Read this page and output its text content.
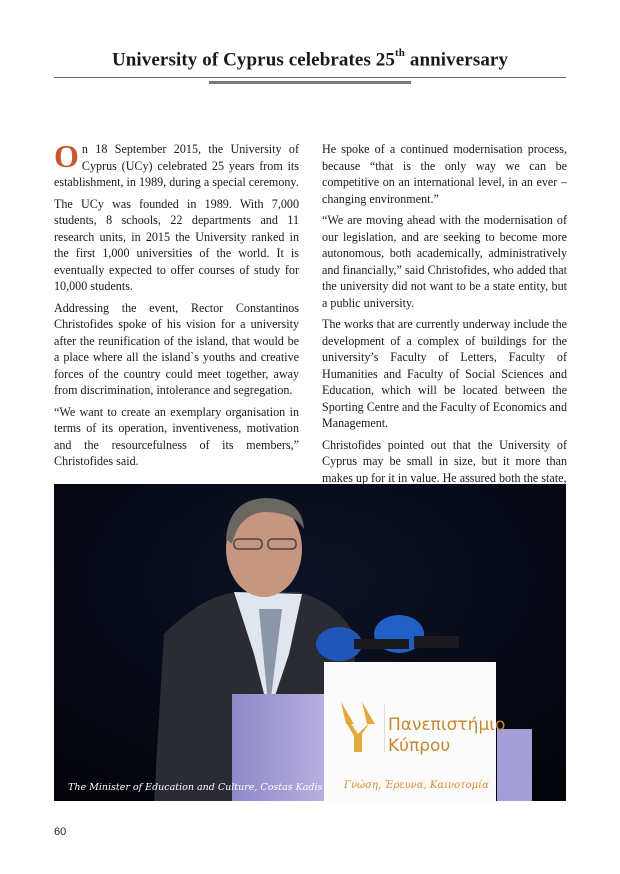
University of Cyprus celebrates 25th anniversary

On 18 September 2015, the University of Cyprus (UCy) celebrated 25 years from its establishment, in 1989, during a special ceremony.

The UCy was founded in 1989. With 7,000 students, 8 schools, 22 departments and 11 research units, in 2015 the University ranked in the first 1,000 universities of the world. It is eventually expected to offer courses of study for 10,000 students.

Addressing the event, Rector Constantinos Christofides spoke of his vision for a university after the reunification of the island, that would be a place where all the island`s youths and creative forces of the country could meet together, away from discrimination, intolerance and segregation.

“We want to create an exemplary organisation in terms of its operation, inventiveness, motivation and the resourcefulness of its members,” Christofides said.

He spoke of a continued modernisation process, because “that is the only way we can be competitive on an international level, in an ever – changing environment.”

“We are moving ahead with the modernisation of our legislation, and are seeking to become more autonomous, both academically, administratively and financially,” said Christofides, who added that the university did not want to be a state entity, but a public university.

The works that are currently underway include the development of a complex of buildings for the university’s Faculty of Letters, Faculty of Humanities and Faculty of Social Sciences and Education, which will be located between the Sporting Centre and the Faculty of Economics and Management.

Christofides pointed out that the University of Cyprus may be small in size, but it more than makes up for it in value. He assured both the state,

Πανεπιστήμιο
Κύπρου
Γνώση, Έρευνα, Καινοτομία
The Minister of Education and Culture, Costas Kadis
60
